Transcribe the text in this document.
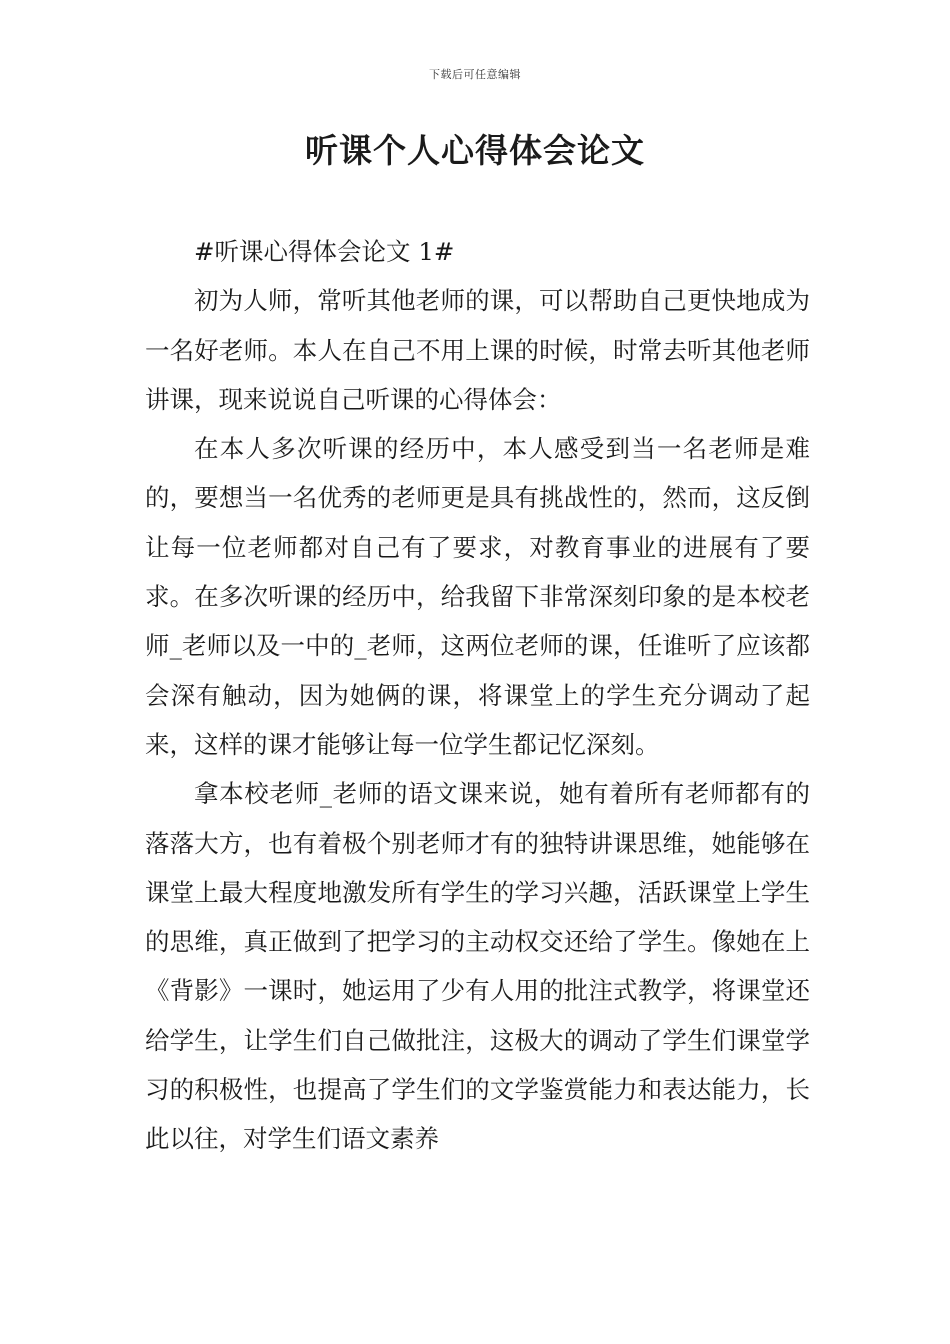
下载后可任意编辑
听课个人心得体会论文

#听课心得体会论文 1#

初为人师，常听其他老师的课，可以帮助自己更快地成为一名好老师。本人在自己不用上课的时候，时常去听其他老师讲课，现来说说自己听课的心得体会：

在本人多次听课的经历中，本人感受到当一名老师是难的，要想当一名优秀的老师更是具有挑战性的，然而，这反倒让每一位老师都对自己有了要求，对教育事业的进展有了要求。在多次听课的经历中，给我留下非常深刻印象的是本校老师_老师以及一中的_老师，这两位老师的课，任谁听了应该都会深有触动，因为她俩的课，将课堂上的学生充分调动了起来，这样的课才能够让每一位学生都记忆深刻。

拿本校老师_老师的语文课来说，她有着所有老师都有的落落大方，也有着极个别老师才有的独特讲课思维，她能够在课堂上最大程度地激发所有学生的学习兴趣，活跃课堂上学生的思维，真正做到了把学习的主动权交还给了学生。像她在上《背影》一课时，她运用了少有人用的批注式教学，将课堂还给学生，让学生们自己做批注，这极大的调动了学生们课堂学习的积极性，也提高了学生们的文学鉴赏能力和表达能力，长此以往，对学生们语文素养
